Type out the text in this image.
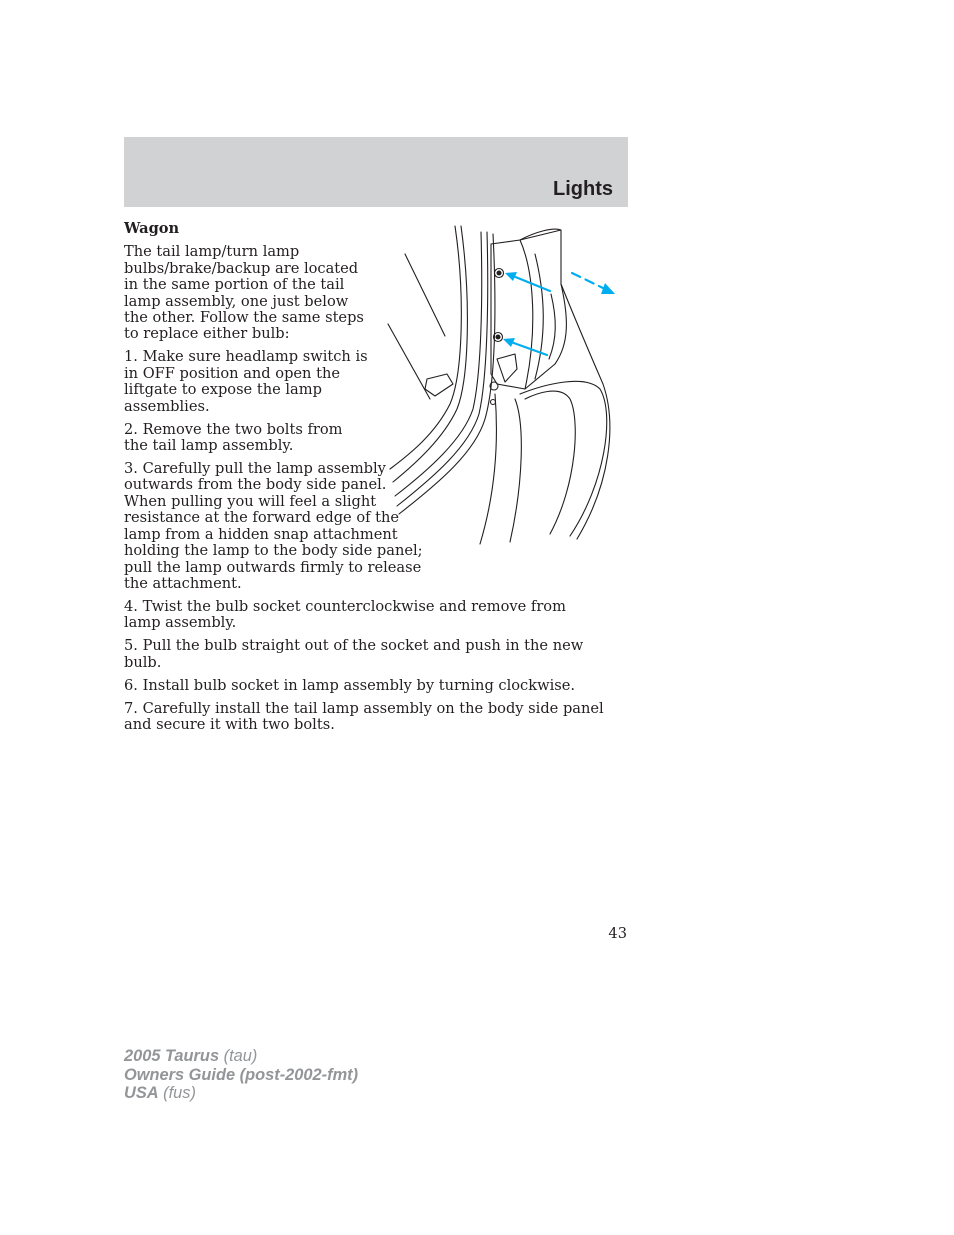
Lights

Wagon

The tail lamp/turn lamp bulbs/brake/backup are located in the same portion of the tail lamp assembly, one just below the other. Follow the same steps to replace either bulb:

1. Make sure headlamp switch is in OFF position and open the liftgate to expose the lamp assemblies.

2. Remove the two bolts from the tail lamp assembly.

3. Carefully pull the lamp assembly outwards from the body side panel. When pulling you will feel a slight resistance at the forward edge of the lamp from a hidden snap attachment holding the lamp to the body side panel; pull the lamp outwards firmly to release the attachment.

4. Twist the bulb socket counterclockwise and remove from lamp assembly.

5. Pull the bulb straight out of the socket and push in the new bulb.

6. Install bulb socket in lamp assembly by turning clockwise.

7. Carefully install the tail lamp assembly on the body side panel and secure it with two bolts.

43
2005 Taurus (tau)
Owners Guide (post-2002-fmt)
USA (fus)
